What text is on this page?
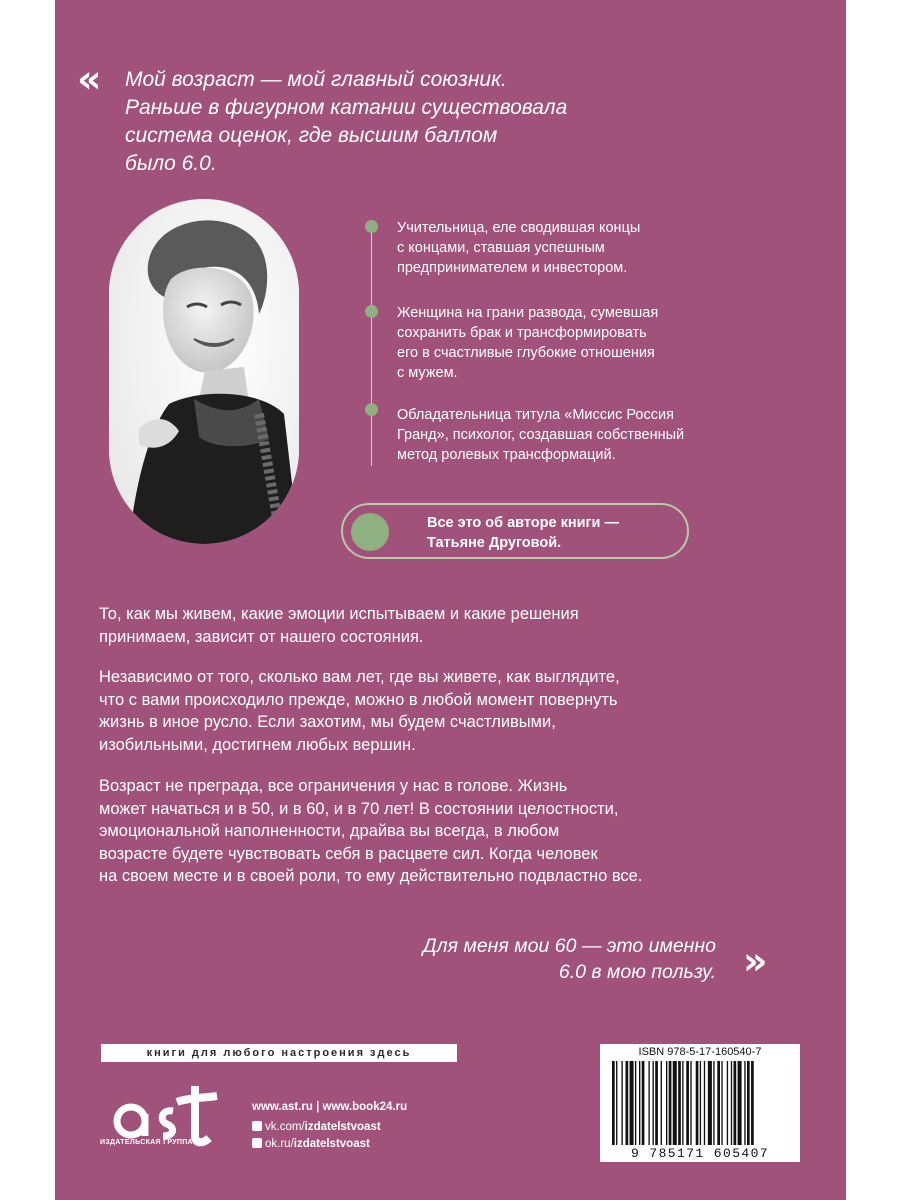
« Мой возраст — мой главный союзник.
Раньше в фигурном катании существовала
система оценок, где высшим баллом
было 6.0.
Учительница, еле сводившая концы
с концами, ставшая успешным
предпринимателем и инвестором.
Женщина на грани развода, сумевшая
сохранить брак и трансформировать
его в счастливые глубокие отношения
с мужем.
Обладательница титула «Миссис Россия
Гранд», психолог, создавшая собственный
метод ролевых трансформаций.
Все это об авторе книги —
Татьяне Друговой.
То, как мы живем, какие эмоции испытываем и какие решения
принимаем, зависит от нашего состояния.
Независимо от того, сколько вам лет, где вы живете, как выглядите,
что с вами происходило прежде, можно в любой момент повернуть
жизнь в иное русло. Если захотим, мы будем счастливыми,
изобильными, достигнем любых вершин.
Возраст не преграда, все ограничения у нас в голове. Жизнь
может начаться и в 50, и в 60, и в 70 лет! В состоянии целостности,
эмоциональной наполненности, драйва вы всегда, в любом
возрасте будете чувствовать себя в расцвете сил. Когда человек
на своем месте и в своей роли, то ему действительно подвластно все.
Для меня мои 60 — это именно
6.0 в мою пользу. »
книги для любого настроения здесь
ИЗДАТЕЛЬСКАЯ ГРУППА АСТ
www.ast.ru | www.book24.ru
vk.com/izdatelstvoast
ok.ru/izdatelstvoast
ISBN 978-5-17-160540-7
9 785171 605407
